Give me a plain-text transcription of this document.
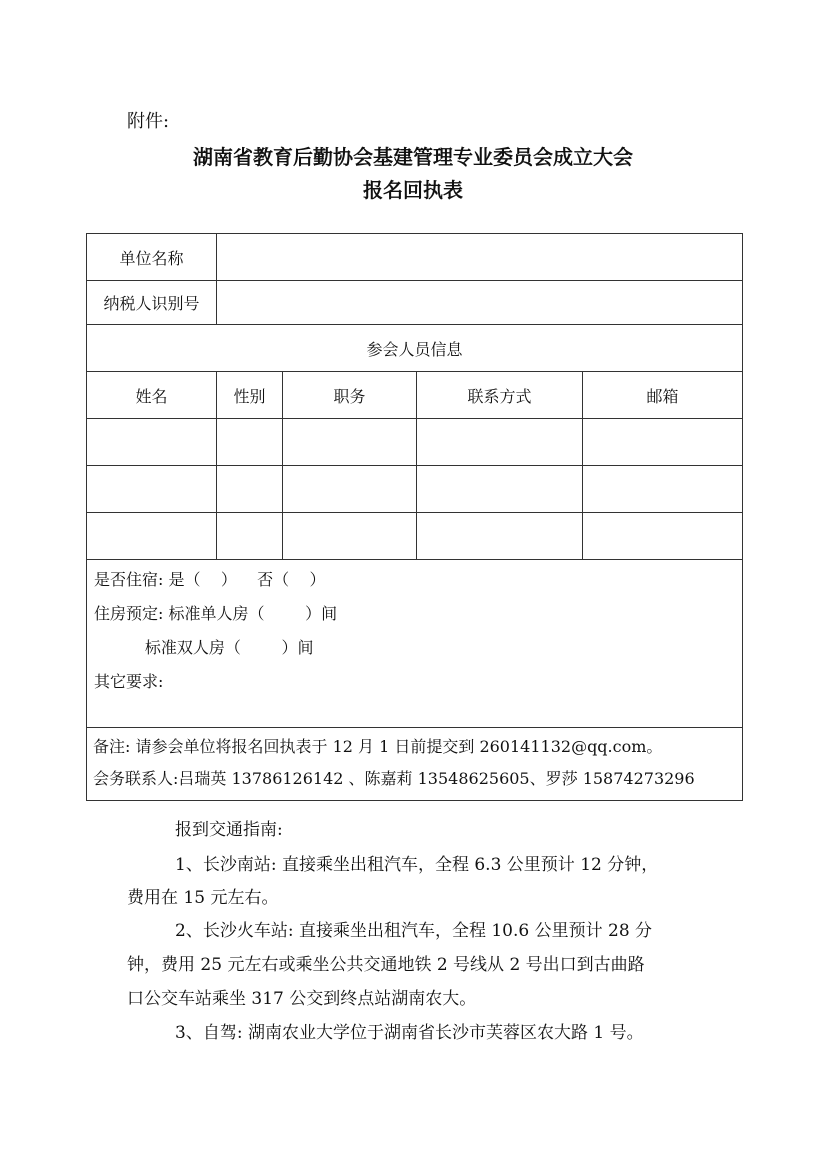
附件:
湖南省教育后勤协会基建管理专业委员会成立大会
报名回执表
单位名称				
纳税人识别号				
参会人员信息				
姓名	性别	职务	联系方式	邮箱

是否住宿: 是（    ）    否（    ）
住房预定: 标准单人房（        ）间
标准双人房（        ）间
其它要求:				

备注: 请参会单位将报名回执表于 12 月 1 日前提交到 260141132@qq.com。
会务联系人:吕瑞英 13786126142 、陈嘉莉 13548625605、罗莎 15874273296				
报到交通指南:
1、长沙南站: 直接乘坐出租汽车，全程 6.3 公里预计 12 分钟，
费用在 15 元左右。
2、长沙火车站: 直接乘坐出租汽车，全程 10.6 公里预计 28 分
钟，费用 25 元左右或乘坐公共交通地铁 2 号线从 2 号出口到古曲路
口公交车站乘坐 317 公交到终点站湖南农大。
3、自驾: 湖南农业大学位于湖南省长沙市芙蓉区农大路 1 号。
